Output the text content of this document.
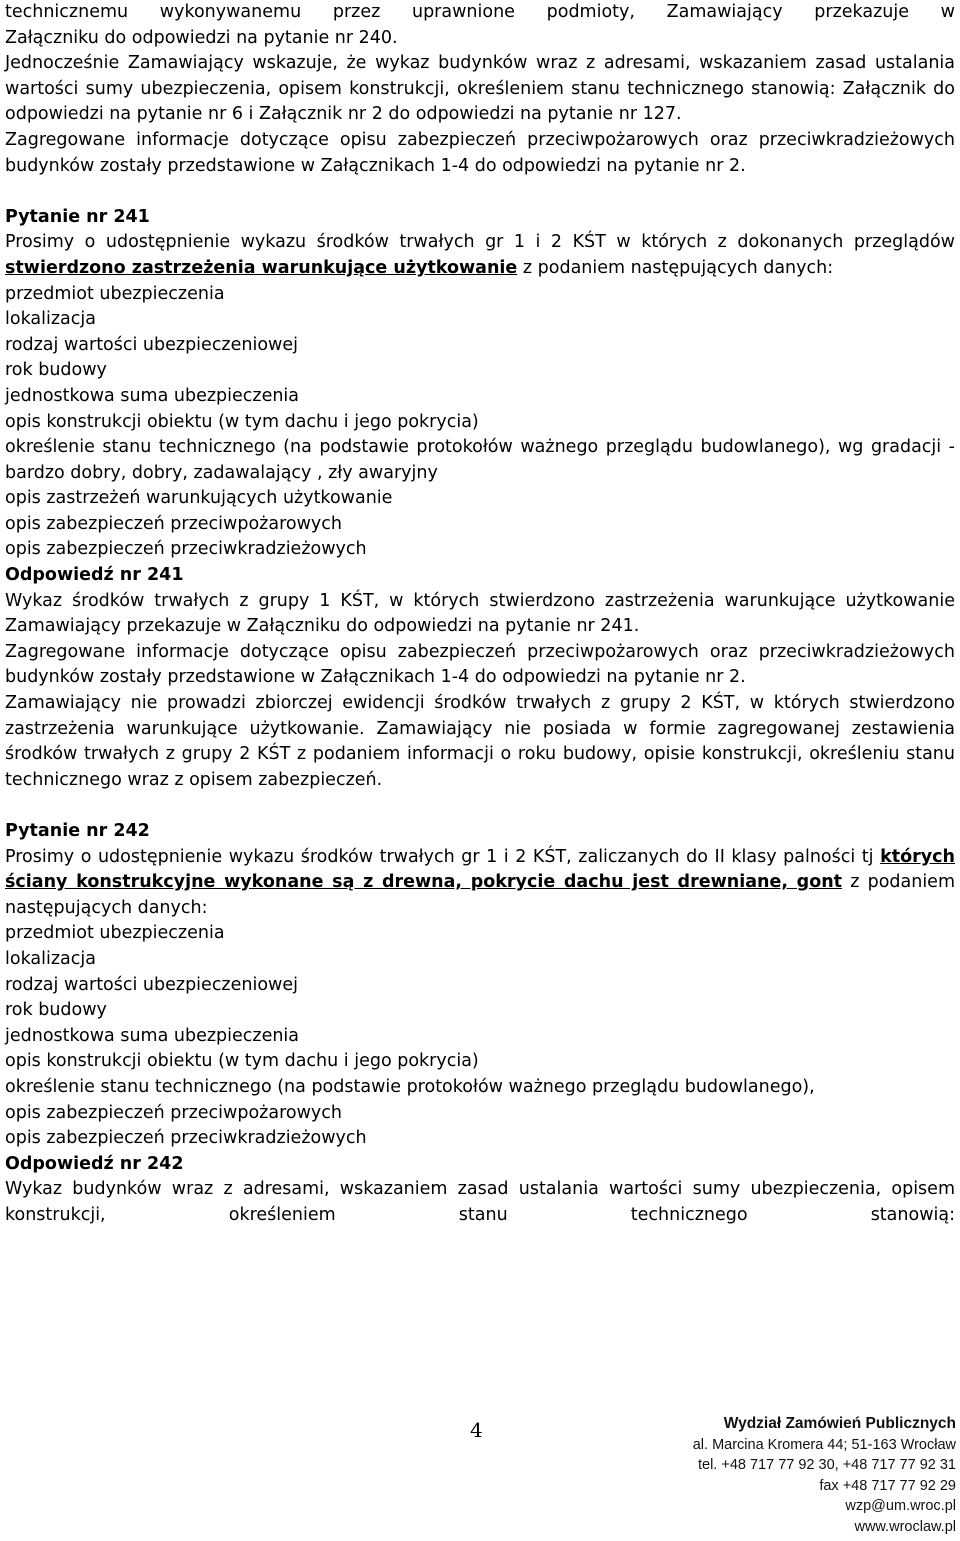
technicznemu wykonywanemu przez uprawnione podmioty, Zamawiający przekazuje w

Załączniku do odpowiedzi na pytanie nr 240.

Jednocześnie Zamawiający wskazuje, że wykaz budynków wraz z adresami, wskazaniem zasad ustalania wartości sumy ubezpieczenia, opisem konstrukcji, określeniem stanu technicznego stanowią: Załącznik do odpowiedzi na pytanie nr 6 i Załącznik nr 2 do odpowiedzi na pytanie nr 127.

Zagregowane informacje dotyczące opisu zabezpieczeń przeciwpożarowych oraz przeciwkradzieżowych budynków zostały przedstawione w Załącznikach 1-4 do odpowiedzi na pytanie nr 2.

Pytanie nr 241

Prosimy o udostępnienie wykazu środków trwałych gr 1 i 2 KŚT w których z dokonanych przeglądów stwierdzono zastrzeżenia warunkujące użytkowanie z podaniem następujących danych:

przedmiot ubezpieczenia

lokalizacja

rodzaj wartości ubezpieczeniowej

rok budowy

jednostkowa suma ubezpieczenia

opis konstrukcji obiektu (w tym dachu i jego pokrycia)

określenie stanu technicznego (na podstawie protokołów ważnego przeglądu budowlanego), wg gradacji - bardzo dobry, dobry, zadawalający , zły awaryjny

opis zastrzeżeń warunkujących użytkowanie

opis zabezpieczeń przeciwpożarowych

opis zabezpieczeń przeciwkradzieżowych

Odpowiedź nr 241

Wykaz środków trwałych z grupy 1 KŚT, w których stwierdzono zastrzeżenia warunkujące użytkowanie Zamawiający przekazuje w Załączniku do odpowiedzi na pytanie nr 241.

Zagregowane informacje dotyczące opisu zabezpieczeń przeciwpożarowych oraz przeciwkradzieżowych budynków zostały przedstawione w Załącznikach 1-4 do odpowiedzi na pytanie nr 2.

Zamawiający nie prowadzi zbiorczej ewidencji środków trwałych z grupy 2 KŚT, w których stwierdzono zastrzeżenia warunkujące użytkowanie. Zamawiający nie posiada w formie zagregowanej zestawienia środków trwałych z grupy 2 KŚT z podaniem informacji o roku budowy, opisie konstrukcji, określeniu stanu technicznego wraz z opisem zabezpieczeń.

Pytanie nr 242

Prosimy o udostępnienie wykazu środków trwałych gr 1 i 2 KŚT, zaliczanych do II klasy palności tj których ściany konstrukcyjne wykonane są z drewna, pokrycie dachu jest drewniane, gont z podaniem następujących danych:

przedmiot ubezpieczenia

lokalizacja

rodzaj wartości ubezpieczeniowej

rok budowy

jednostkowa suma ubezpieczenia

opis konstrukcji obiektu (w tym dachu i jego pokrycia)

określenie stanu technicznego (na podstawie protokołów ważnego przeglądu budowlanego),

opis zabezpieczeń przeciwpożarowych

opis zabezpieczeń przeciwkradzieżowych

Odpowiedź nr 242

Wykaz budynków wraz z adresami, wskazaniem zasad ustalania wartości sumy ubezpieczenia, opisem konstrukcji, określeniem stanu technicznego stanowią:

4	Wydział Zamówień Publicznych
al. Marcina Kromera 44; 51-163 Wrocław
tel. +48 717 77 92 30, +48 717 77 92 31
fax +48 717 77 92 29
wzp@um.wroc.pl
www.wroclaw.pl
